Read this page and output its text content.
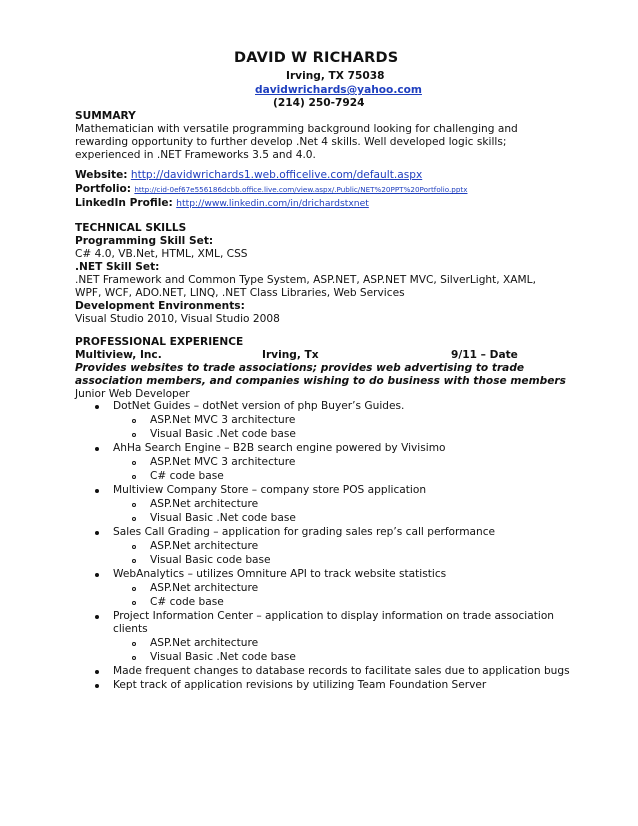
DAVID W RICHARDS
Irving, TX 75038
davidwrichards@yahoo.com
(214) 250-7924
SUMMARY
Mathematician with versatile programming background looking for challenging and
rewarding opportunity to further develop .Net 4 skills. Well developed logic skills;
experienced in .NET Frameworks 3.5 and 4.0.
Website: http://davidwrichards1.web.officelive.com/default.aspx
Portfolio: http://cid-0ef67e556186dcbb.office.live.com/view.aspx/.Public/NET%20PPT%20Portfolio.pptx
LinkedIn Profile: http://www.linkedin.com/in/drichardstxnet
TECHNICAL SKILLS
Programming Skill Set:
C# 4.0, VB.Net, HTML, XML, CSS
.NET Skill Set:
.NET Framework and Common Type System, ASP.NET, ASP.NET MVC, SilverLight, XAML,
WPF, WCF, ADO.NET, LINQ, .NET Class Libraries, Web Services
Development Environments:
Visual Studio 2010, Visual Studio 2008
PROFESSIONAL EXPERIENCE
Multiview, Inc.	Irving, Tx	9/11 – Date
Provides websites to trade associations; provides web advertising to trade
association members, and companies wishing to do business with those members
Junior Web Developer
DotNet Guides – dotNet version of php Buyer’s Guides.
ASP.Net MVC 3 architecture
Visual Basic .Net code base
AhHa Search Engine – B2B search engine powered by Vivisimo
ASP.Net MVC 3 architecture
C# code base
Multiview Company Store – company store POS application
ASP.Net architecture
Visual Basic .Net code base
Sales Call Grading – application for grading sales rep’s call performance
ASP.Net architecture
Visual Basic code base
WebAnalytics – utilizes Omniture API to track website statistics
ASP.Net architecture
C# code base
Project Information Center – application to display information on trade association
clients
ASP.Net architecture
Visual Basic .Net code base
Made frequent changes to database records to facilitate sales due to application bugs
Kept track of application revisions by utilizing Team Foundation Server
